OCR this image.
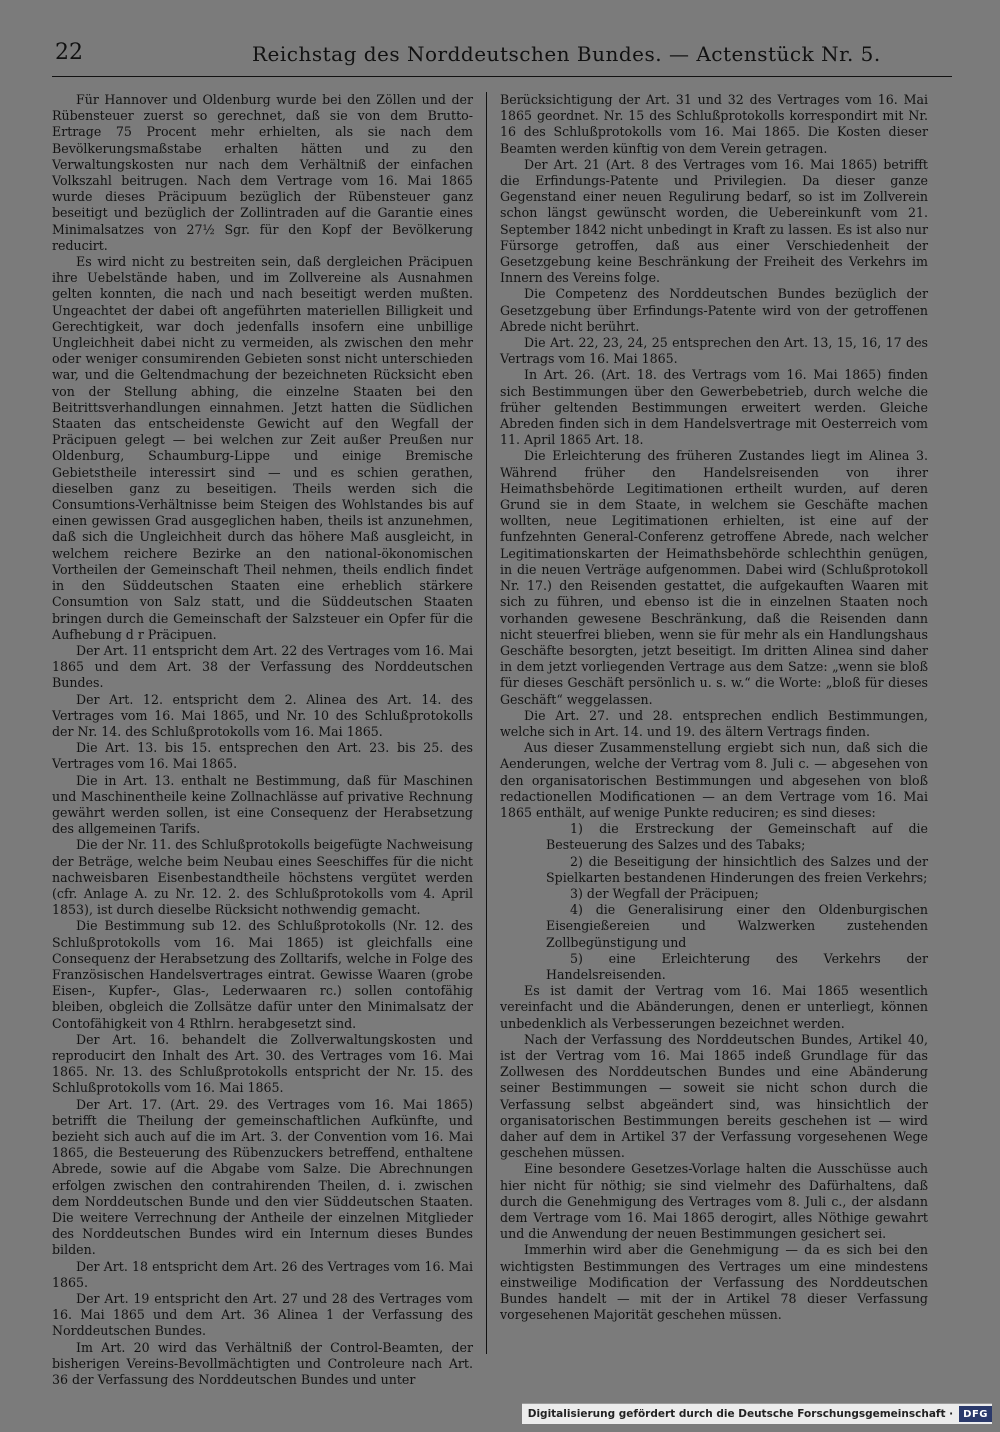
22	Reichstag des Norddeutschen Bundes. — Actenstück Nr. 5.

Für Hannover und Oldenburg wurde bei den Zöllen und der Rübensteuer zuerst so gerechnet, daß sie von dem Brutto-Ertrage 75 Procent mehr erhielten, als sie nach dem Bevölkerungsmaßstabe erhalten hätten und zu den Verwaltungskosten nur nach dem Verhältniß der einfachen Volkszahl beitrugen. Nach dem Vertrage vom 16. Mai 1865 wurde dieses Präcipuum bezüglich der Rübensteuer ganz beseitigt und bezüglich der Zollintraden auf die Garantie eines Minimalsatzes von 27½ Sgr. für den Kopf der Bevölkerung reducirt.

Es wird nicht zu bestreiten sein, daß dergleichen Präcipuen ihre Uebelstände haben, und im Zollvereine als Ausnahmen gelten konnten, die nach und nach beseitigt werden mußten. Ungeachtet der dabei oft angeführten materiellen Billigkeit und Gerechtigkeit, war doch jedenfalls insofern eine unbillige Ungleichheit dabei nicht zu vermeiden, als zwischen den mehr oder weniger consumirenden Gebieten sonst nicht unterschieden war, und die Geltendmachung der bezeichneten Rücksicht eben von der Stellung abhing, die einzelne Staaten bei den Beitrittsverhandlungen einnahmen. Jetzt hatten die Südlichen Staaten das entscheidenste Gewicht auf den Wegfall der Präcipuen gelegt — bei welchen zur Zeit außer Preußen nur Oldenburg, Schaumburg-Lippe und einige Bremische Gebietstheile interessirt sind — und es schien gerathen, dieselben ganz zu beseitigen. Theils werden sich die Consumtions-Verhältnisse beim Steigen des Wohlstandes bis auf einen gewissen Grad ausgeglichen haben, theils ist anzunehmen, daß sich die Ungleichheit durch das höhere Maß ausgleicht, in welchem reichere Bezirke an den national-ökonomischen Vortheilen der Gemeinschaft Theil nehmen, theils endlich findet in den Süddeutschen Staaten eine erheblich stärkere Consumtion von Salz statt, und die Süddeutschen Staaten bringen durch die Gemeinschaft der Salzsteuer ein Opfer für die Aufhebung d r Präcipuen.

Der Art. 11 entspricht dem Art. 22 des Vertrages vom 16. Mai 1865 und dem Art. 38 der Verfassung des Norddeutschen Bundes.

Der Art. 12. entspricht dem 2. Alinea des Art. 14. des Vertrages vom 16. Mai 1865, und Nr. 10 des Schlußprotokolls der Nr. 14. des Schlußprotokolls vom 16. Mai 1865.

Die Art. 13. bis 15. entsprechen den Art. 23. bis 25. des Vertrages vom 16. Mai 1865.

Die in Art. 13. enthalt ne Bestimmung, daß für Maschinen und Maschinentheile keine Zollnachlässe auf privative Rechnung gewährt werden sollen, ist eine Consequenz der Herabsetzung des allgemeinen Tarifs.

Die der Nr. 11. des Schlußprotokolls beigefügte Nachweisung der Beträge, welche beim Neubau eines Seeschiffes für die nicht nachweisbaren Eisenbestandtheile höchstens vergütet werden (cfr. Anlage A. zu Nr. 12. 2. des Schlußprotokolls vom 4. April 1853), ist durch dieselbe Rücksicht nothwendig gemacht.

Die Bestimmung sub 12. des Schlußprotokolls (Nr. 12. des Schlußprotokolls vom 16. Mai 1865) ist gleichfalls eine Consequenz der Herabsetzung des Zolltarifs, welche in Folge des Französischen Handelsvertrages eintrat. Gewisse Waaren (grobe Eisen-, Kupfer-, Glas-, Lederwaaren rc.) sollen contofähig bleiben, obgleich die Zollsätze dafür unter den Minimalsatz der Contofähigkeit von 4 Rthlrn. herabgesetzt sind.

Der Art. 16. behandelt die Zollverwaltungskosten und reproducirt den Inhalt des Art. 30. des Vertrages vom 16. Mai 1865. Nr. 13. des Schlußprotokolls entspricht der Nr. 15. des Schlußprotokolls vom 16. Mai 1865.

Der Art. 17. (Art. 29. des Vertrages vom 16. Mai 1865) betrifft die Theilung der gemeinschaftlichen Aufkünfte, und bezieht sich auch auf die im Art. 3. der Convention vom 16. Mai 1865, die Besteuerung des Rübenzuckers betreffend, enthaltene Abrede, sowie auf die Abgabe vom Salze. Die Abrechnungen erfolgen zwischen den contrahirenden Theilen, d. i. zwischen dem Norddeutschen Bunde und den vier Süddeutschen Staaten. Die weitere Verrechnung der Antheile der einzelnen Mitglieder des Norddeutschen Bundes wird ein Internum dieses Bundes bilden.

Der Art. 18 entspricht dem Art. 26 des Vertrages vom 16. Mai 1865.

Der Art. 19 entspricht den Art. 27 und 28 des Vertrages vom 16. Mai 1865 und dem Art. 36 Alinea 1 der Verfassung des Norddeutschen Bundes.

Im Art. 20 wird das Verhältniß der Control-Beamten, der bisherigen Vereins-Bevollmächtigten und Controleure nach Art. 36 der Verfassung des Norddeutschen Bundes und unter

Berücksichtigung der Art. 31 und 32 des Vertrages vom 16. Mai 1865 geordnet. Nr. 15 des Schlußprotokolls korrespondirt mit Nr. 16 des Schlußprotokolls vom 16. Mai 1865. Die Kosten dieser Beamten werden künftig von dem Verein getragen.

Der Art. 21 (Art. 8 des Vertrages vom 16. Mai 1865) betrifft die Erfindungs-Patente und Privilegien. Da dieser ganze Gegenstand einer neuen Regulirung bedarf, so ist im Zollverein schon längst gewünscht worden, die Uebereinkunft vom 21. September 1842 nicht unbedingt in Kraft zu lassen. Es ist also nur Fürsorge getroffen, daß aus einer Verschiedenheit der Gesetzgebung keine Beschränkung der Freiheit des Verkehrs im Innern des Vereins folge.

Die Competenz des Norddeutschen Bundes bezüglich der Gesetzgebung über Erfindungs-Patente wird von der getroffenen Abrede nicht berührt.

Die Art. 22, 23, 24, 25 entsprechen den Art. 13, 15, 16, 17 des Vertrags vom 16. Mai 1865.

In Art. 26. (Art. 18. des Vertrags vom 16. Mai 1865) finden sich Bestimmungen über den Gewerbebetrieb, durch welche die früher geltenden Bestimmungen erweitert werden. Gleiche Abreden finden sich in dem Handelsvertrage mit Oesterreich vom 11. April 1865 Art. 18.

Die Erleichterung des früheren Zustandes liegt im Alinea 3. Während früher den Handelsreisenden von ihrer Heimathsbehörde Legitimationen ertheilt wurden, auf deren Grund sie in dem Staate, in welchem sie Geschäfte machen wollten, neue Legitimationen erhielten, ist eine auf der funfzehnten General-Conferenz getroffene Abrede, nach welcher Legitimationskarten der Heimathsbehörde schlechthin genügen, in die neuen Verträge aufgenommen. Dabei wird (Schlußprotokoll Nr. 17.) den Reisenden gestattet, die aufgekauften Waaren mit sich zu führen, und ebenso ist die in einzelnen Staaten noch vorhanden gewesene Beschränkung, daß die Reisenden dann nicht steuerfrei blieben, wenn sie für mehr als ein Handlungshaus Geschäfte besorgten, jetzt beseitigt. Im dritten Alinea sind daher in dem jetzt vorliegenden Vertrage aus dem Satze: „wenn sie bloß für dieses Geschäft persönlich u. s. w.“ die Worte: „bloß für dieses Geschäft“ weggelassen.

Die Art. 27. und 28. entsprechen endlich Bestimmungen, welche sich in Art. 14. und 19. des ältern Vertrags finden.

Aus dieser Zusammenstellung ergiebt sich nun, daß sich die Aenderungen, welche der Vertrag vom 8. Juli c. — abgesehen von den organisatorischen Bestimmungen und abgesehen von bloß redactionellen Modificationen — an dem Vertrage vom 16. Mai 1865 enthält, auf wenige Punkte reduciren; es sind dieses:

1) die Erstreckung der Gemeinschaft auf die Besteuerung des Salzes und des Tabaks;

2) die Beseitigung der hinsichtlich des Salzes und der Spielkarten bestandenen Hinderungen des freien Verkehrs;

3) der Wegfall der Präcipuen;

4) die Generalisirung einer den Oldenburgischen Eisengießereien und Walzwerken zustehenden Zollbegünstigung und

5) eine Erleichterung des Verkehrs der Handelsreisenden.

Es ist damit der Vertrag vom 16. Mai 1865 wesentlich vereinfacht und die Abänderungen, denen er unterliegt, können unbedenklich als Verbesserungen bezeichnet werden.

Nach der Verfassung des Norddeutschen Bundes, Artikel 40, ist der Vertrag vom 16. Mai 1865 indeß Grundlage für das Zollwesen des Norddeutschen Bundes und eine Abänderung seiner Bestimmungen — soweit sie nicht schon durch die Verfassung selbst abgeändert sind, was hinsichtlich der organisatorischen Bestimmungen bereits geschehen ist — wird daher auf dem in Artikel 37 der Verfassung vorgesehenen Wege geschehen müssen.

Eine besondere Gesetzes-Vorlage halten die Ausschüsse auch hier nicht für nöthig; sie sind vielmehr des Dafürhaltens, daß durch die Genehmigung des Vertrages vom 8. Juli c., der alsdann dem Vertrage vom 16. Mai 1865 derogirt, alles Nöthige gewahrt und die Anwendung der neuen Bestimmungen gesichert sei.

Immerhin wird aber die Genehmigung — da es sich bei den wichtigsten Bestimmungen des Vertrages um eine mindestens einstweilige Modification der Verfassung des Norddeutschen Bundes handelt — mit der in Artikel 78 dieser Verfassung vorgesehenen Majorität geschehen müssen.

Digitalisierung gefördert durch die Deutsche Forschungsgemeinschaft · DFG
